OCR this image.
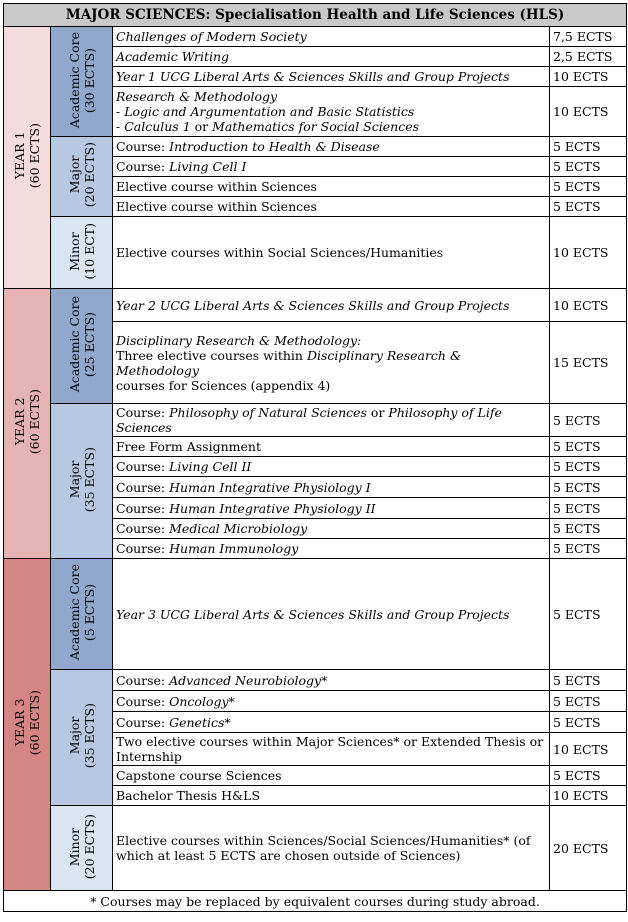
MAJOR SCIENCES: Specialisation Health and Life Sciences (HLS)			

YEAR 1 (60 ECTS)	Academic Core (30 ECTS)	Challenges of Modern Society	7,5 ECTS

		Academic Writing	2,5 ECTS

		Year 1 UCG Liberal Arts & Sciences Skills and Group Projects	10 ECTS

		Research & Methodology
- Logic and Argumentation and Basic Statistics
- Calculus 1 or Mathematics for Social Sciences	10 ECTS

	Major (20 ECTS)	Course: Introduction to Health & Disease	5 ECTS

		Course: Living Cell I	5 ECTS

		Elective course within Sciences	5 ECTS

		Elective course within Sciences	5 ECTS

	Minor (10 ECT)	Elective courses within Social Sciences/Humanities	10 ECTS

YEAR 2 (60 ECTS)	Academic Core (25 ECTS)	Year 2 UCG Liberal Arts & Sciences Skills and Group Projects	10 ECTS

		Disciplinary Research & Methodology:
Three elective courses within Disciplinary Research & Methodology
courses for Sciences (appendix 4)	15 ECTS

	Major (35 ECTS)	Course: Philosophy of Natural Sciences or Philosophy of Life
Sciences	5 ECTS

		Free Form Assignment	5 ECTS

		Course: Living Cell II	5 ECTS

		Course: Human Integrative Physiology I	5 ECTS

		Course: Human Integrative Physiology II	5 ECTS

		Course: Medical Microbiology	5 ECTS

		Course: Human Immunology	5 ECTS

YEAR 3 (60 ECTS)	Academic Core (5 ECTS)	Year 3 UCG Liberal Arts & Sciences Skills and Group Projects	5 ECTS

	Major (35 ECTS)	Course: Advanced Neurobiology*	5 ECTS

		Course: Oncology*	5 ECTS

		Course: Genetics*	5 ECTS

		Two elective courses within Major Sciences* or Extended Thesis or
Internship	10 ECTS

		Capstone course Sciences	5 ECTS

		Bachelor Thesis H&LS	10 ECTS

	Minor (20 ECTS)	Elective courses within Sciences/Social Sciences/Humanities* (of
which at least 5 ECTS are chosen outside of Sciences)	20 ECTS
* Courses may be replaced by equivalent courses during study abroad.			
